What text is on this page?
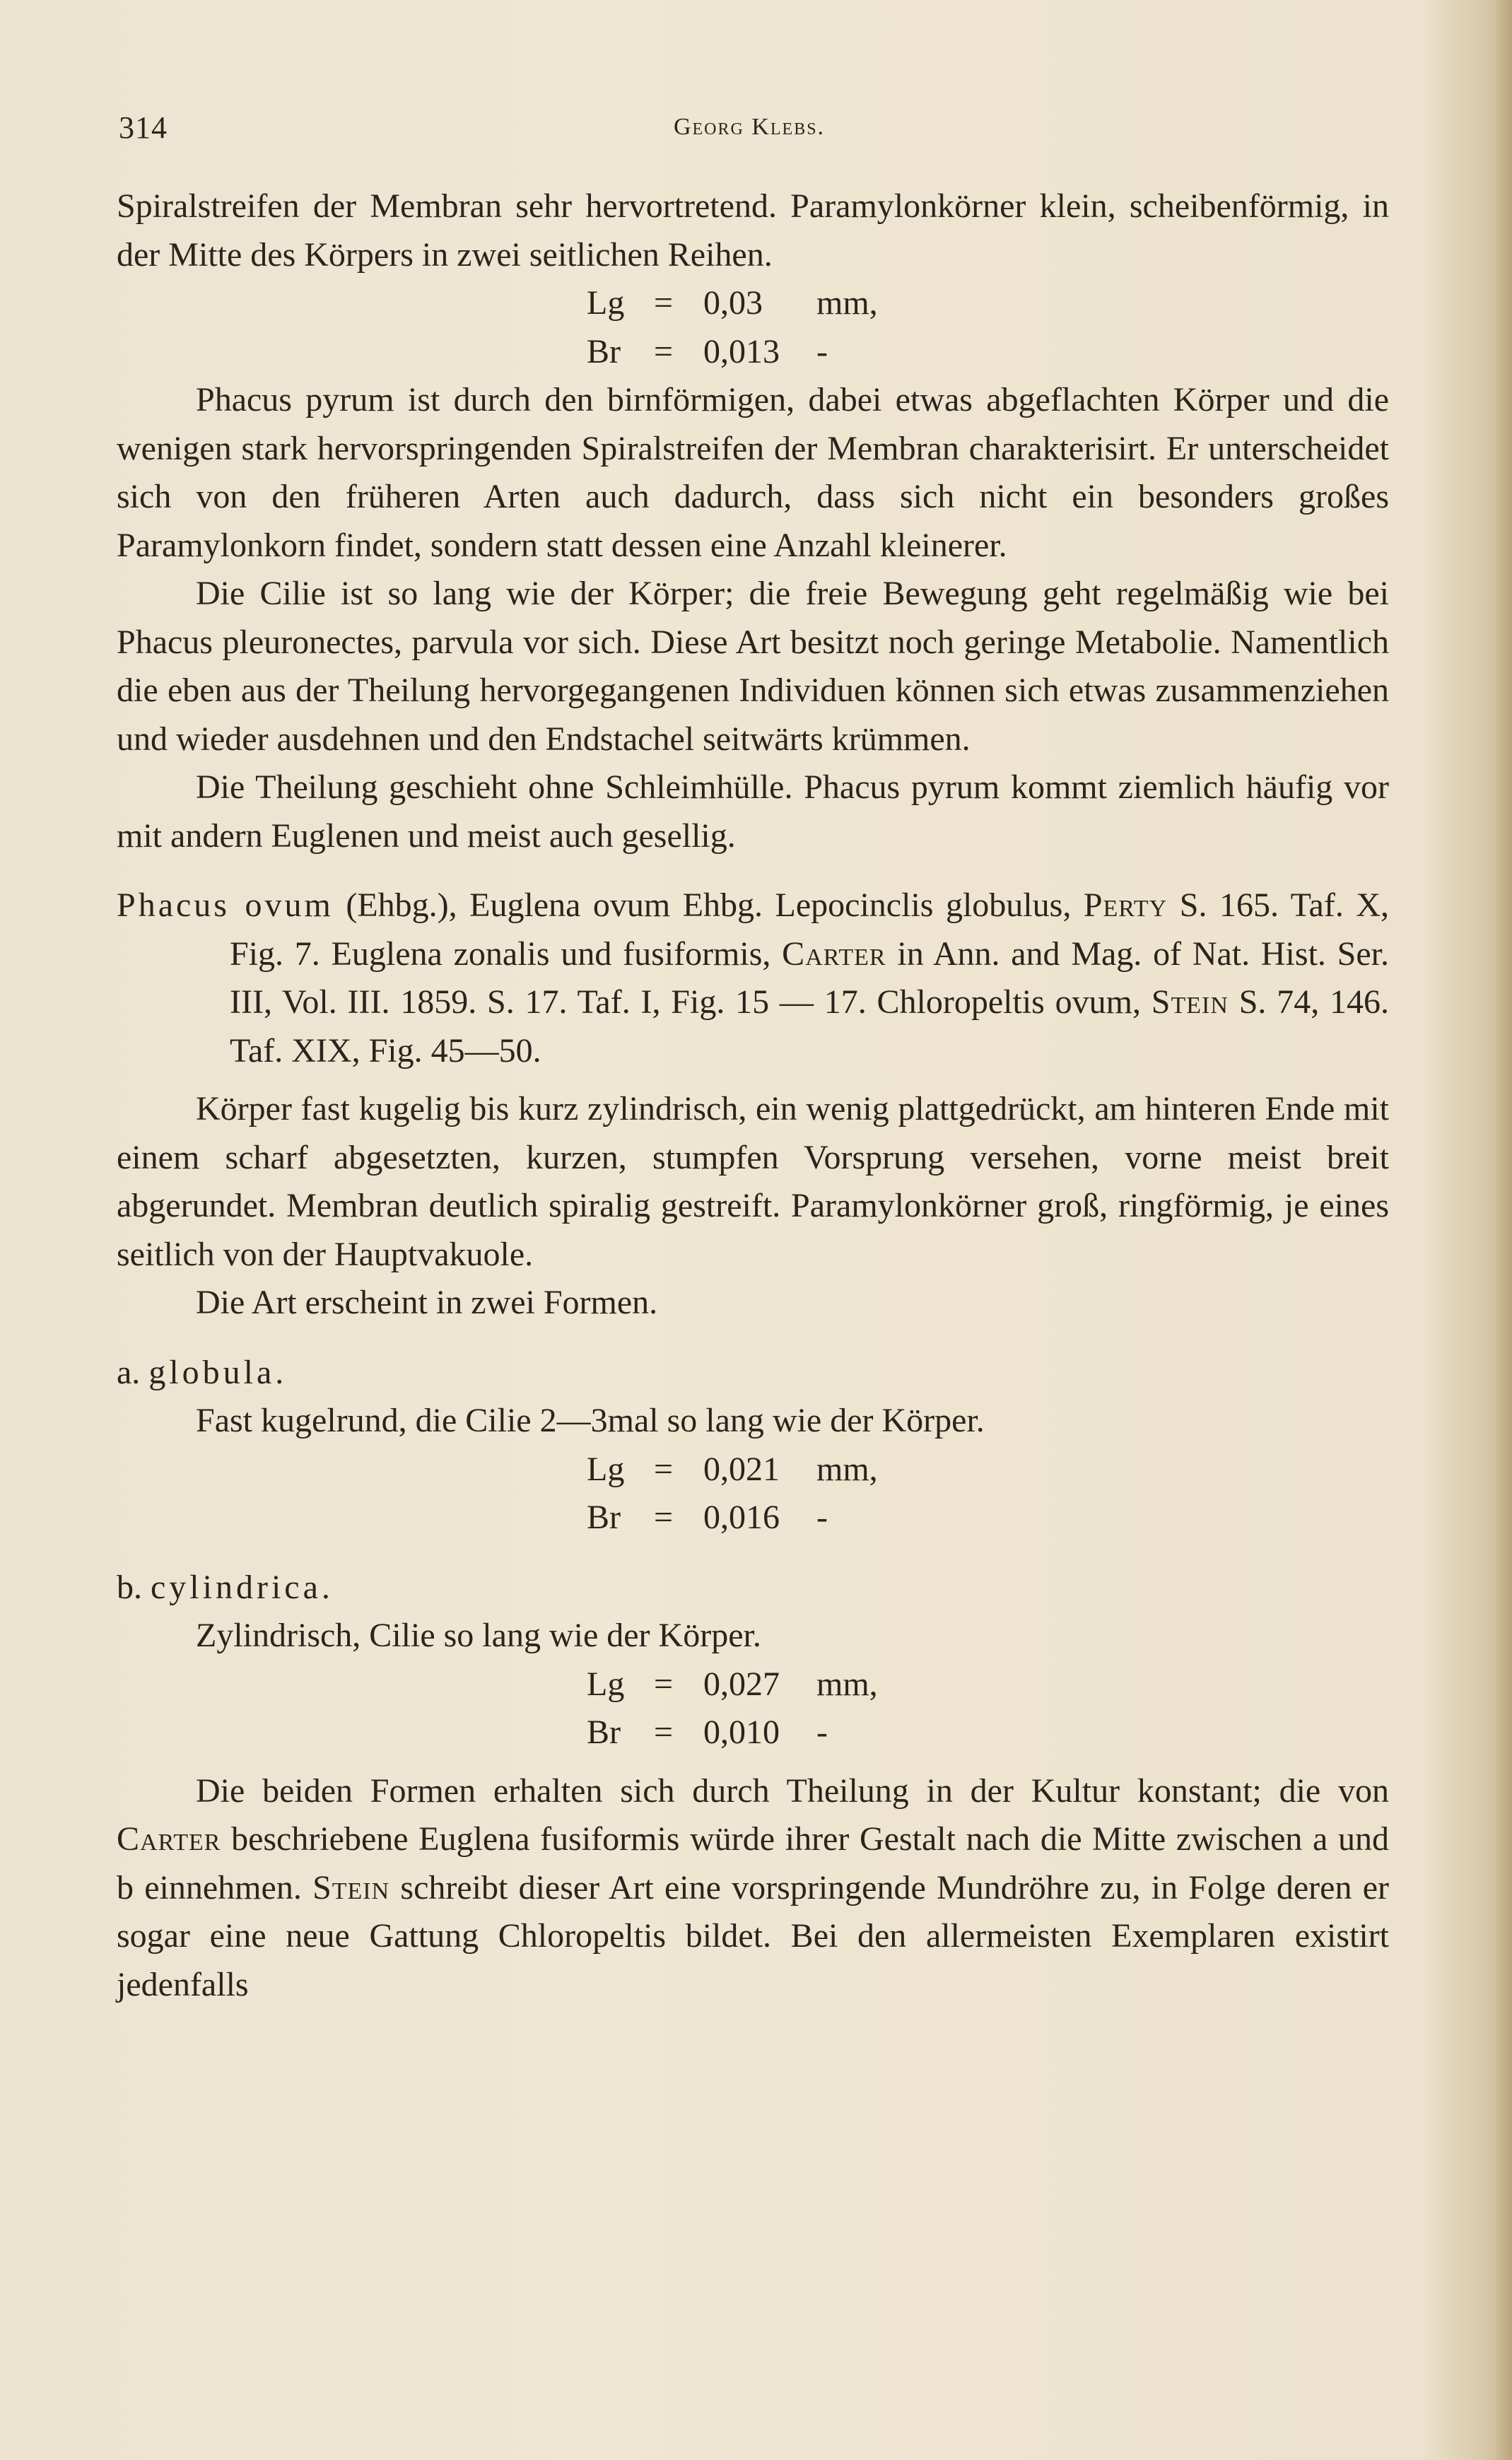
314	Georg Klebs.

Spiralstreifen der Membran sehr hervortretend. Paramylonkörner klein, scheibenförmig, in der Mitte des Körpers in zwei seitlichen Reihen.

Lg = 0,03 mm,
Br = 0,013 -

Phacus pyrum ist durch den birnförmigen, dabei etwas abgeflachten Körper und die wenigen stark hervorspringenden Spiralstreifen der Membran charakterisirt. Er unterscheidet sich von den früheren Arten auch dadurch, dass sich nicht ein besonders großes Paramylonkorn findet, sondern statt dessen eine Anzahl kleinerer.

Die Cilie ist so lang wie der Körper; die freie Bewegung geht regelmäßig wie bei Phacus pleuronectes, parvula vor sich. Diese Art besitzt noch geringe Metabolie. Namentlich die eben aus der Theilung hervorgegangenen Individuen können sich etwas zusammenziehen und wieder ausdehnen und den Endstachel seitwärts krümmen.

Die Theilung geschieht ohne Schleimhülle. Phacus pyrum kommt ziemlich häufig vor mit andern Euglenen und meist auch gesellig.

Phacus ovum (Ehbg.), Euglena ovum Ehbg. Lepocinclis globulus, Perty S. 165. Taf. X, Fig. 7. Euglena zonalis und fusiformis, Carter in Ann. and Mag. of Nat. Hist. Ser. III, Vol. III. 1859. S. 17. Taf. I, Fig. 15 — 17. Chloropeltis ovum, Stein S. 74, 146. Taf. XIX, Fig. 45—50.

Körper fast kugelig bis kurz zylindrisch, ein wenig plattgedrückt, am hinteren Ende mit einem scharf abgesetzten, kurzen, stumpfen Vorsprung versehen, vorne meist breit abgerundet. Membran deutlich spiralig gestreift. Paramylonkörner groß, ringförmig, je eines seitlich von der Hauptvakuole.

Die Art erscheint in zwei Formen.

a. globula.

Fast kugelrund, die Cilie 2—3mal so lang wie der Körper.

Lg = 0,021 mm,
Br = 0,016 -
b. cylindrica.

Zylindrisch, Cilie so lang wie der Körper.

Lg = 0,027 mm,
Br = 0,010 -

Die beiden Formen erhalten sich durch Theilung in der Kultur konstant; die von Carter beschriebene Euglena fusiformis würde ihrer Gestalt nach die Mitte zwischen a und b einnehmen. Stein schreibt dieser Art eine vorspringende Mundröhre zu, in Folge deren er sogar eine neue Gattung Chloropeltis bildet. Bei den allermeisten Exemplaren existirt jedenfalls
